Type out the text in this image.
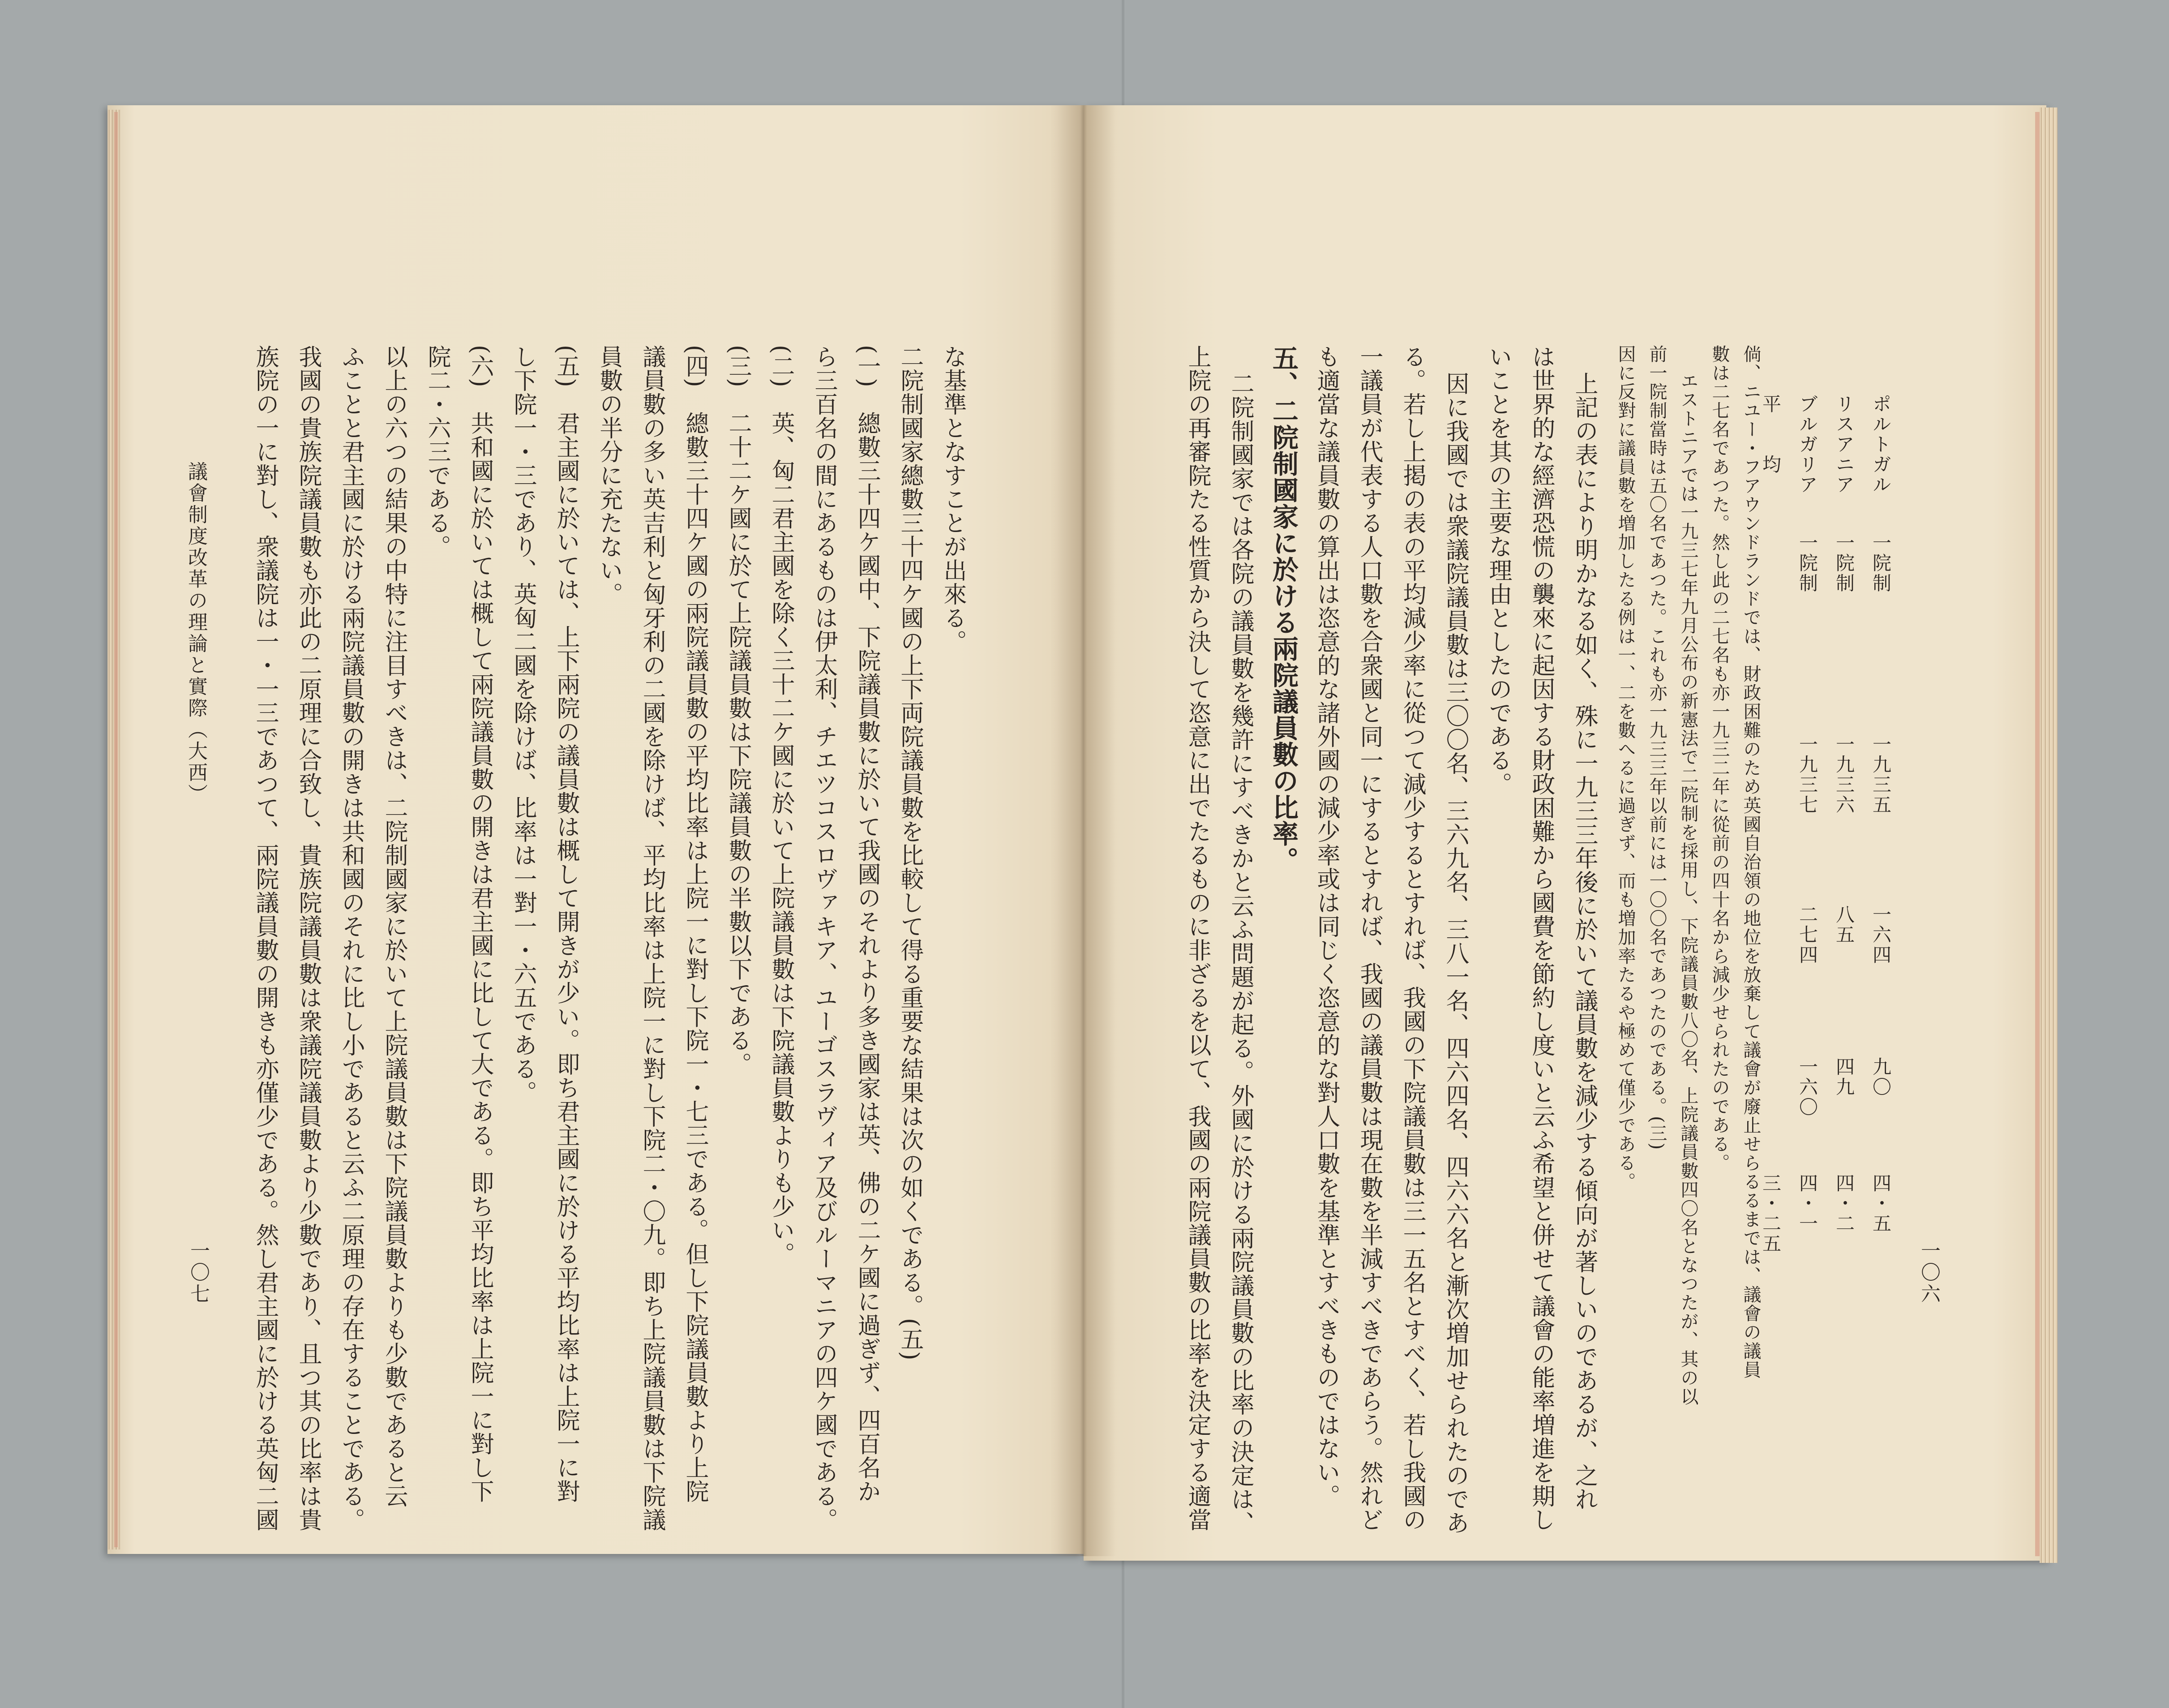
議會制度改革の理論と實際（大西）
一〇七
な基準となすことが出來る。
二院制國家總數三十四ケ國の上下両院議員數を比較して得る重要な結果は次の如くである。(五)
(一)　總數三十四ケ國中、下院議員數に於いて我國のそれより多き國家は英、佛の二ケ國に過ぎず、四百名か
ら三百名の間にあるものは伊太利、チエツコスロヴァキア、ユーゴスラヴィア及びルーマニアの四ケ國である。
(二)　英、匈二君主國を除く三十二ケ國に於いて上院議員數は下院議員數よりも少い。
(三)　二十二ケ國に於て上院議員數は下院議員數の半數以下である。
(四)　總數三十四ケ國の兩院議員數の平均比率は上院一に對し下院一・七三である。但し下院議員數より上院
議員數の多い英吉利と匈牙利の二國を除けば、平均比率は上院一に對し下院二・〇九。即ち上院議員數は下院議
員數の半分に充たない。
(五)　君主國に於いては、上下兩院の議員數は概して開きが少い。即ち君主國に於ける平均比率は上院一に對
し下院一・三であり、英匈二國を除けば、比率は一對一・六五である。
(六)　共和國に於いては概して兩院議員數の開きは君主國に比して大である。即ち平均比率は上院一に對し下
院二・六三である。
以上の六つの結果の中特に注目すべきは、二院制國家に於いて上院議員數は下院議員數よりも少數であると云
ふことと君主國に於ける兩院議員數の開きは共和國のそれに比し小であると云ふ二原理の存在することである。
我國の貴族院議員數も亦此の二原理に合致し、貴族院議員數は衆議院議員數より少數であり、且つ其の比率は貴
族院の一に對し、衆議院は一・一三であつて、兩院議員數の開きも亦僅少である。然し君主國に於ける英匈二國	一〇六
ポルトガル
一院制
一九三五
一六四
九〇
四・五
リスアニア
一院制
一九三六
八五
四九
四・二
ブルガリア
一院制
一九三七
二七四
一六〇
四・一
平　　均
三・二五
倘、ニユー・フアウンドランドでは、財政困難のため英國自治領の地位を放棄して議會が廢止せらるるまでは、議會の議員
數は二七名であつた。然し此の二七名も亦一九三二年に從前の四十名から減少せられたのである。
エストニアでは一九三七年九月公布の新憲法で二院制を採用し、下院議員數八〇名、上院議員數四〇名となつたが、其の以
前一院制當時は五〇名であつた。これも亦一九三三年以前には一〇〇名であつたのである。(三)
因に反對に議員數を増加したる例は一、二を數へるに過ぎず、而も増加率たるや極めて僅少である。
上記の表により明かなる如く、殊に一九三三年後に於いて議員數を減少する傾向が著しいのであるが、之れ
は世界的な經濟恐慌の襲來に起因する財政困難から國費を節約し度いと云ふ希望と併せて議會の能率増進を期し
いことを其の主要な理由としたのである。
因に我國では衆議院議員數は三〇〇名、三六九名、三八一名、四六四名、四六六名と漸次増加せられたのであ
る。若し上掲の表の平均減少率に從つて減少するとすれば、我國の下院議員數は三一五名とすべく、若し我國の
一議員が代表する人口數を合衆國と同一にするとすれば、我國の議員數は現在數を半減すべきであらう。然れど
も適當な議員數の算出は恣意的な諸外國の減少率或は同じく恣意的な對人口數を基準とすべきものではない。
五、二院制國家に於ける兩院議員數の比率。
二院制國家では各院の議員數を幾許にすべきかと云ふ問題が起る。外國に於ける兩院議員數の比率の決定は、
上院の再審院たる性質から決して恣意に出でたるものに非ざるを以て、我國の兩院議員數の比率を決定する適當
